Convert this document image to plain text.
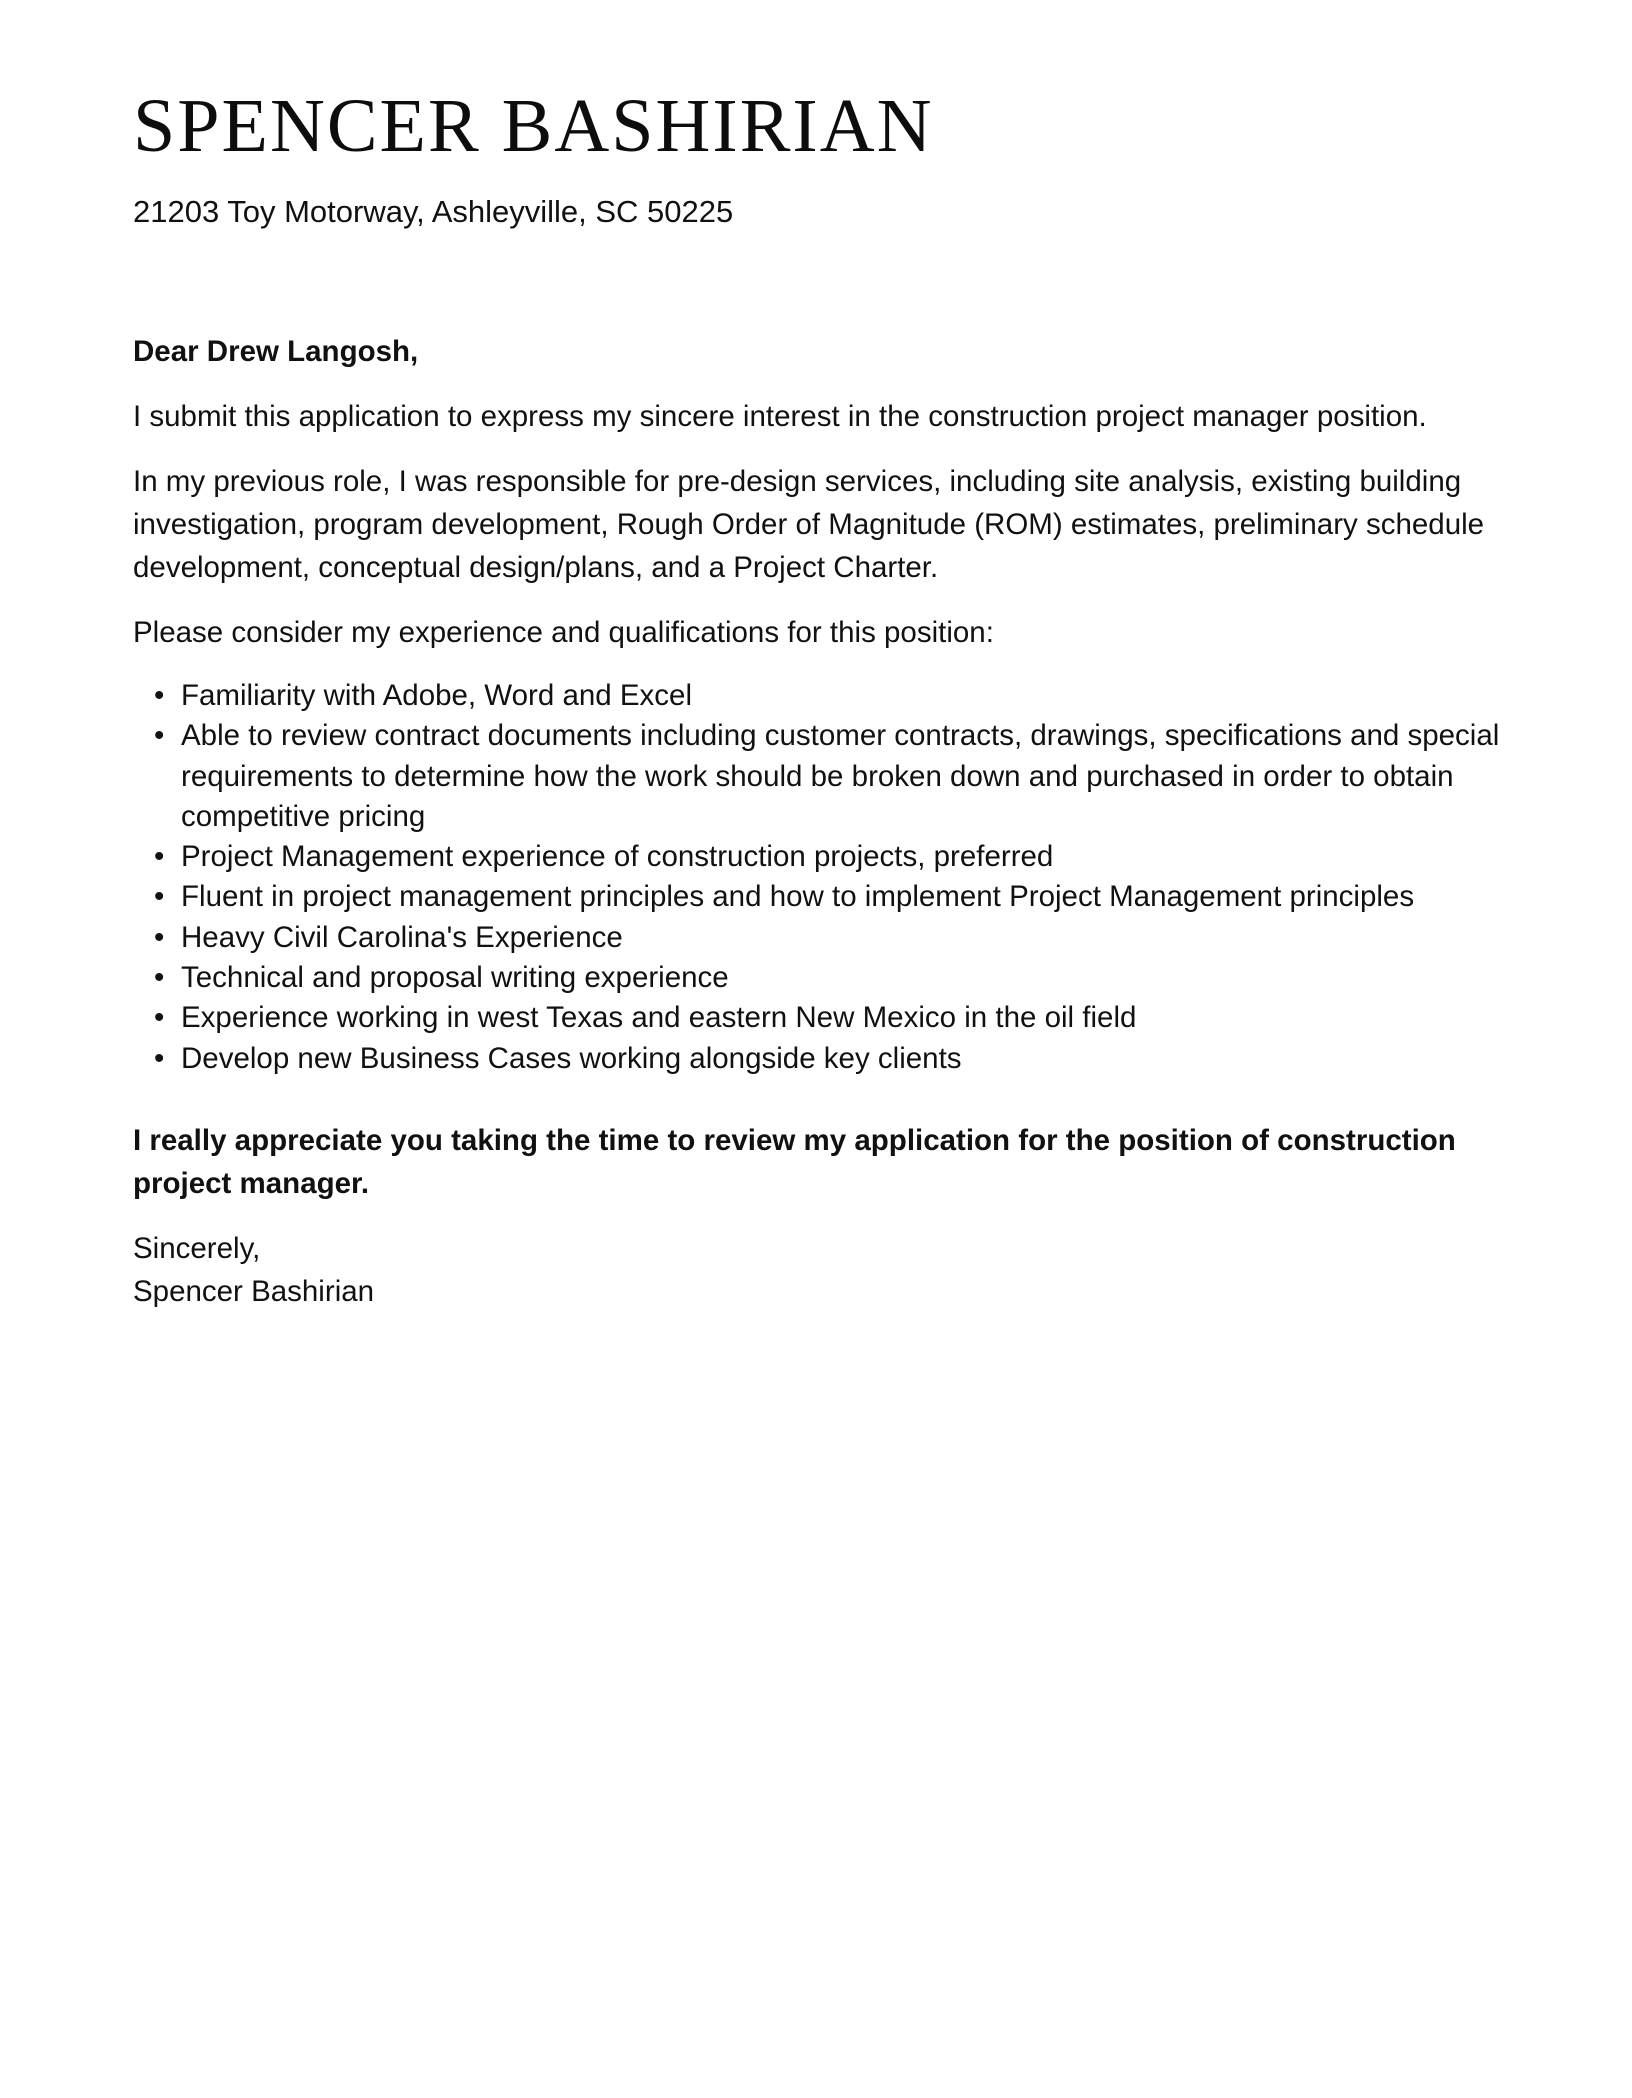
SPENCER BASHIRIAN
21203 Toy Motorway, Ashleyville, SC 50225

Dear Drew Langosh,

I submit this application to express my sincere interest in the construction project manager position.

In my previous role, I was responsible for pre-design services, including site analysis, existing building investigation, program development, Rough Order of Magnitude (ROM) estimates, preliminary schedule development, conceptual design/plans, and a Project Charter.

Please consider my experience and qualifications for this position:

• Familiarity with Adobe, Word and Excel
• Able to review contract documents including customer contracts, drawings, specifications and special requirements to determine how the work should be broken down and purchased in order to obtain competitive pricing
• Project Management experience of construction projects, preferred
• Fluent in project management principles and how to implement Project Management principles
• Heavy Civil Carolina's Experience
• Technical and proposal writing experience
• Experience working in west Texas and eastern New Mexico in the oil field
• Develop new Business Cases working alongside key clients

I really appreciate you taking the time to review my application for the position of construction project manager.

Sincerely,
Spencer Bashirian
